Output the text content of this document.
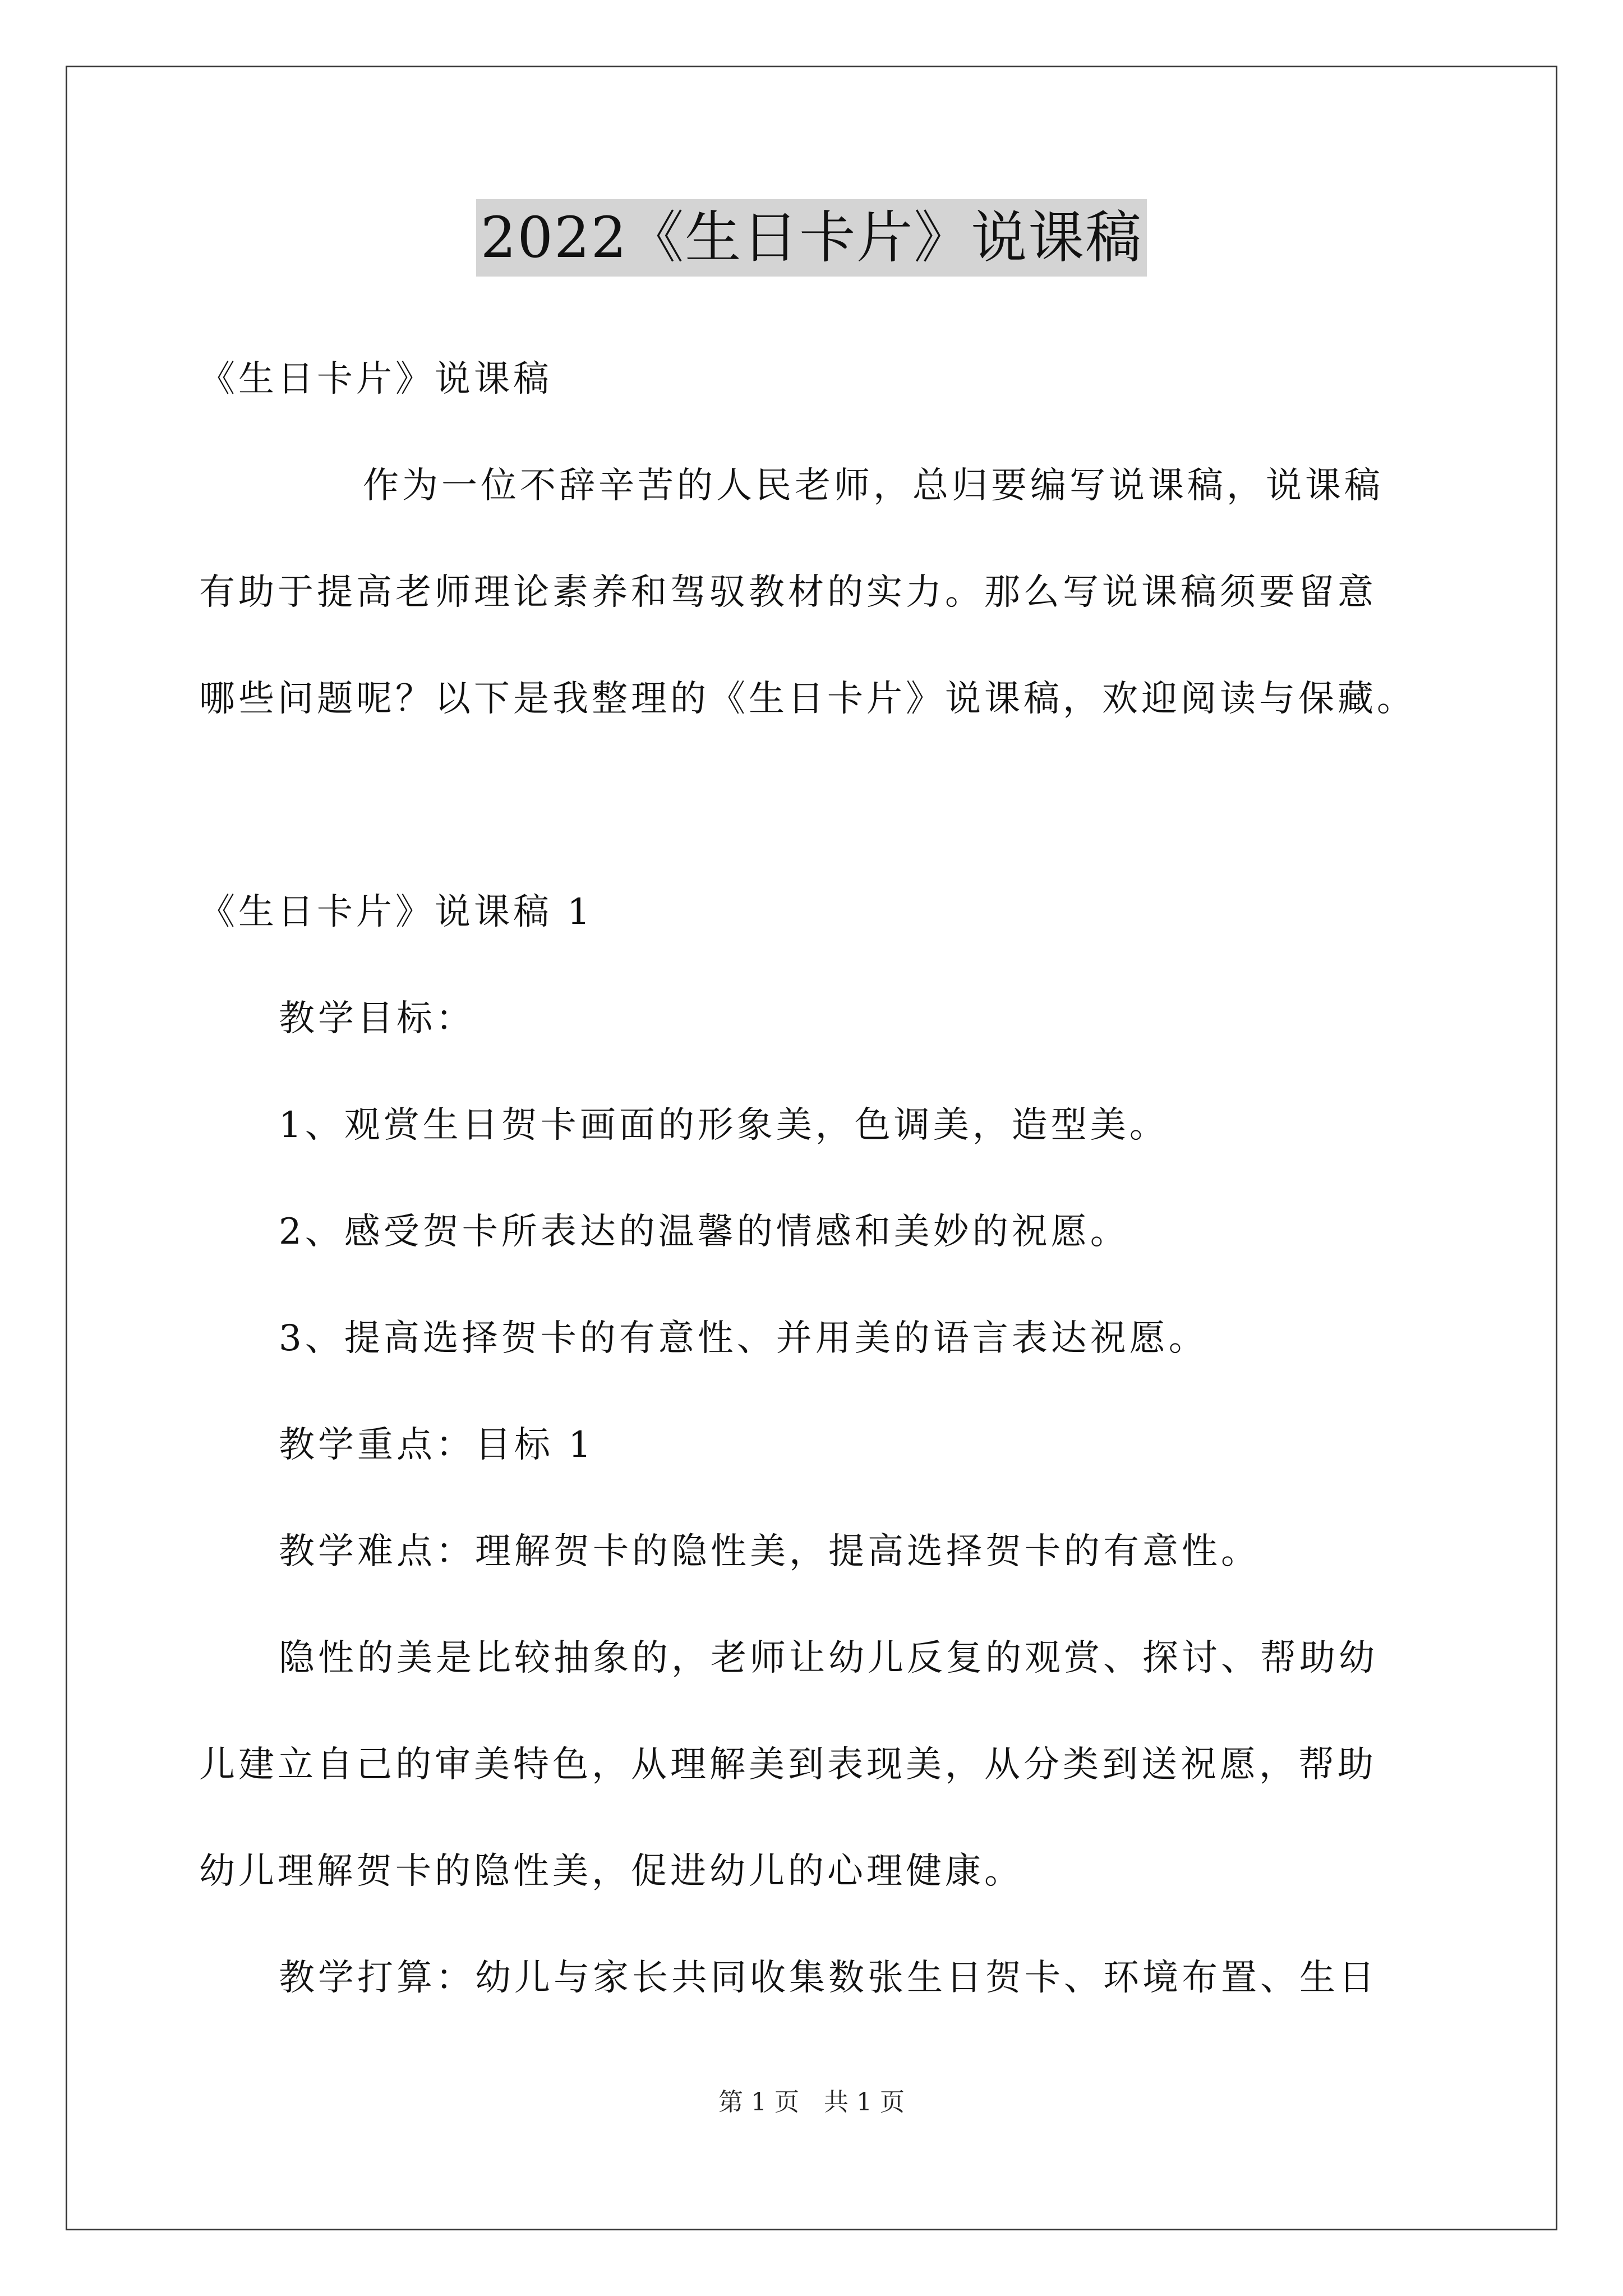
2022《生日卡片》说课稿
《生日卡片》说课稿
作为一位不辞辛苦的人民老师，总归要编写说课稿，说课稿
有助于提高老师理论素养和驾驭教材的实力。那么写说课稿须要留意
哪些问题呢？以下是我整理的《生日卡片》说课稿，欢迎阅读与保藏。
《生日卡片》说课稿 1
教学目标：
1、观赏生日贺卡画面的形象美，色调美，造型美。
2、感受贺卡所表达的温馨的情感和美妙的祝愿。
3、提高选择贺卡的有意性、并用美的语言表达祝愿。
教学重点：目标 1
教学难点：理解贺卡的隐性美，提高选择贺卡的有意性。
隐性的美是比较抽象的，老师让幼儿反复的观赏、探讨、帮助幼
儿建立自己的审美特色，从理解美到表现美，从分类到送祝愿，帮助
幼儿理解贺卡的隐性美，促进幼儿的心理健康。
教学打算：幼儿与家长共同收集数张生日贺卡、环境布置、生日
第 1 页　共 1 页
